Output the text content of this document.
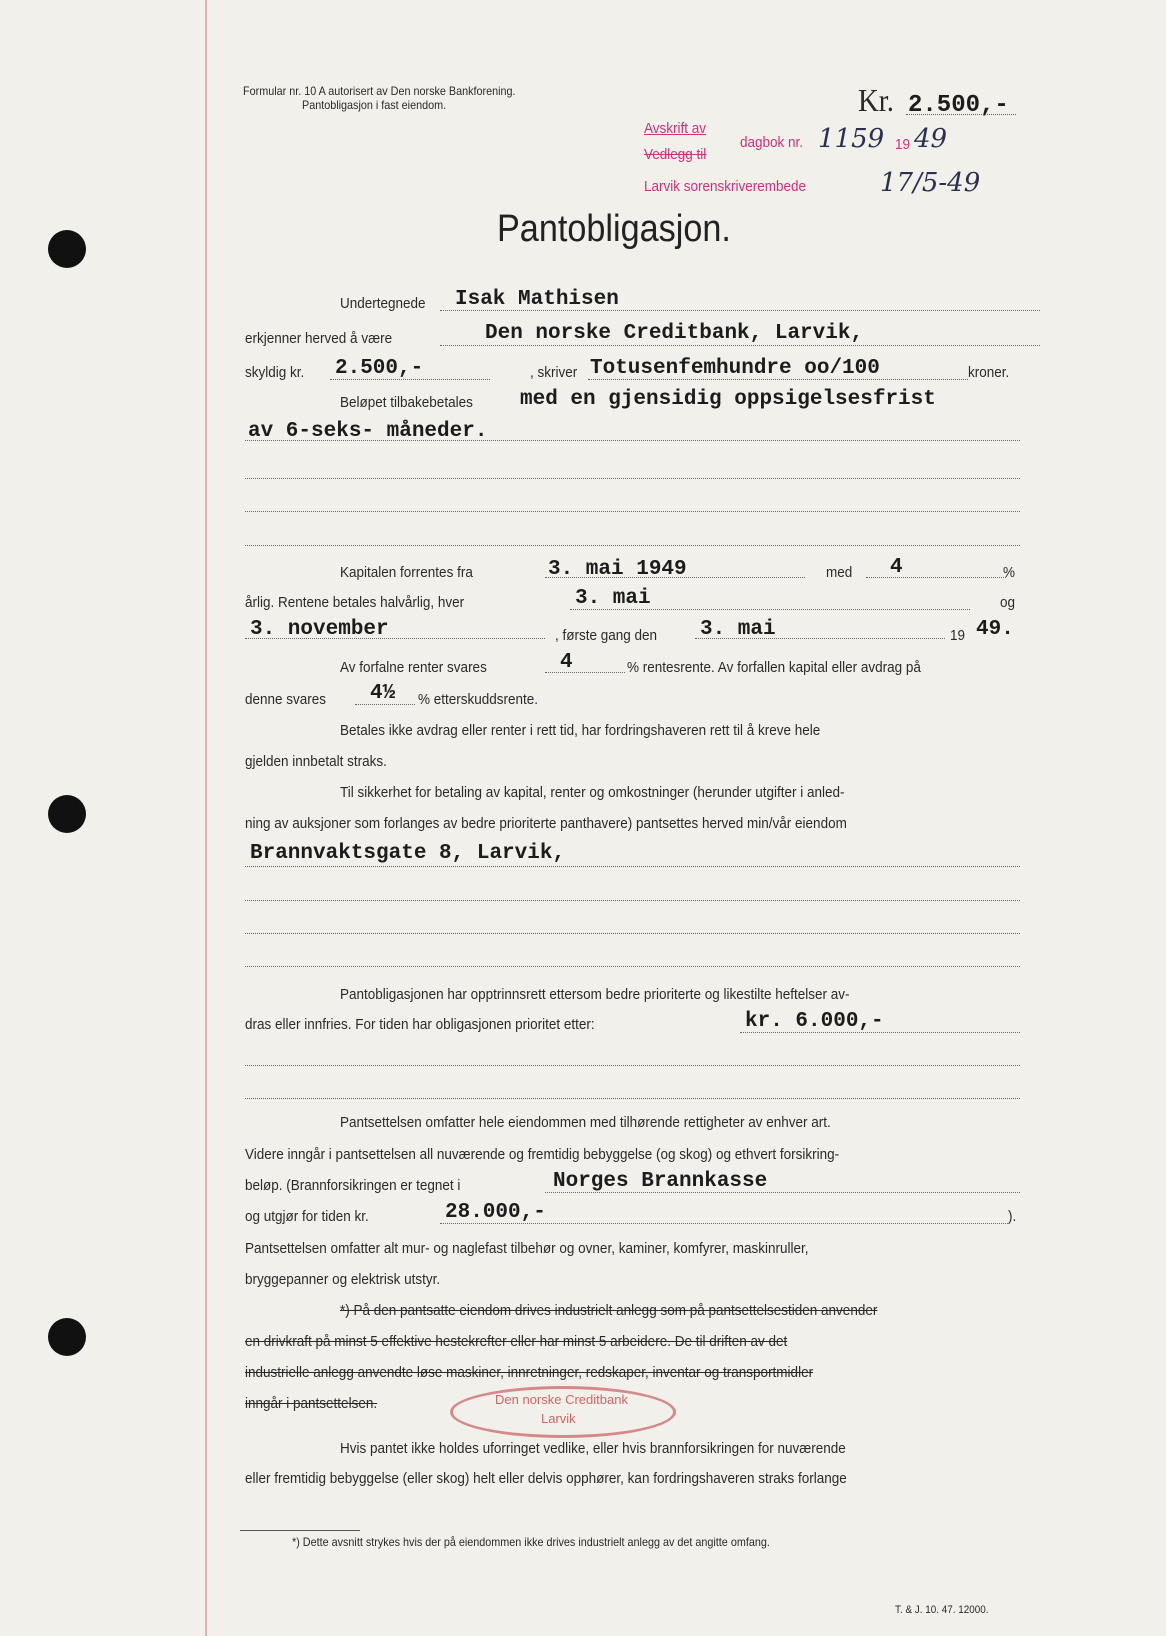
Formular nr. 10 A autorisert av Den norske Bankforening.
Pantobligasjon i fast eiendom.	Kr. 2.500,-
Avskrift av
Vedlegg til
dagbok nr. 1159 19 49
Larvik sorenskriverembede	17/5-49
Pantobligasjon.
Den norske Creditbank
Larvik
*) Dette avsnitt strykes hvis der på eiendommen ikke drives industrielt anlegg av det angitte omfang.
T. & J. 10. 47. 12000.
Undertegnede Isak Mathisen
erkjenner herved å være	Den norske Creditbank, Larvik,
skyldig kr. 2.500,-	, skriver Totusenfemhundre oo/100	kroner.
Beløpet tilbakebetales med en gjensidig oppsigelsesfrist
av 6-seks- måneder.
Kapitalen forrentes fra	3. mai 1949	med 4	%
årlig. Rentene betales halvårlig, hver	3. mai	og
3. november	, første gang den 3. mai	19 49.
Av forfalne renter svares	4	% rentesrente. Av forfallen kapital eller avdrag på
denne svares 4½ % etterskuddsrente.
Betales ikke avdrag eller renter i rett tid, har fordringshaveren rett til å kreve hele
gjelden innbetalt straks.
Til sikkerhet for betaling av kapital, renter og omkostninger (herunder utgifter i anled-
ning av auksjoner som forlanges av bedre prioriterte panthavere) pantsettes herved min/vår eiendom
Brannvaktsgate 8, Larvik,
Pantobligasjonen har opptrinnsrett ettersom bedre prioriterte og likestilte heftelser av-
dras eller innfries. For tiden har obligasjonen prioritet etter:	kr. 6.000,-
Pantsettelsen omfatter hele eiendommen med tilhørende rettigheter av enhver art.
Videre inngår i pantsettelsen all nuværende og fremtidig bebyggelse (og skog) og ethvert forsikring-
beløp. (Brannforsikringen er tegnet i	Norges Brannkasse
og utgjør for tiden kr.	28.000,-	).
Pantsettelsen omfatter alt mur- og naglefast tilbehør og ovner, kaminer, komfyrer, maskinruller,
bryggepanner og elektrisk utstyr.
*) På den pantsatte eiendom drives industrielt anlegg som på pantsettelsestiden anvender
en drivkraft på minst 5 effektive hestekrefter eller har minst 5 arbeidere. De til driften av det
industrielle anlegg anvendte løse maskiner, innretninger, redskaper, inventar og transportmidler
inngår i pantsettelsen.
Hvis pantet ikke holdes uforringet vedlike, eller hvis brannforsikringen for nuværende
eller fremtidig bebyggelse (eller skog) helt eller delvis opphører, kan fordringshaveren straks forlange
